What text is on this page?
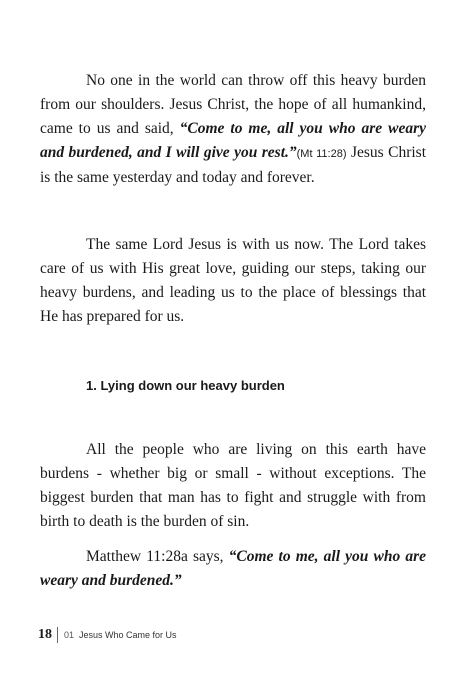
No one in the world can throw off this heavy burden from our shoulders. Jesus Christ, the hope of all humankind, came to us and said, “Come to me, all you who are weary and burdened, and I will give you rest.”(Mt 11:28) Jesus Christ is the same yesterday and today and forever.

The same Lord Jesus is with us now. The Lord takes care of us with His great love, guiding our steps, taking our heavy burdens, and leading us to the place of blessings that He has prepared for us.

1. Lying down our heavy burden

All the people who are living on this earth have burdens - whether big or small - without exceptions. The biggest burden that man has to fight and struggle with from birth to death is the burden of sin.

Matthew 11:28a says, “Come to me, all you who are weary and burdened.”

18 01 Jesus Who Came for Us
